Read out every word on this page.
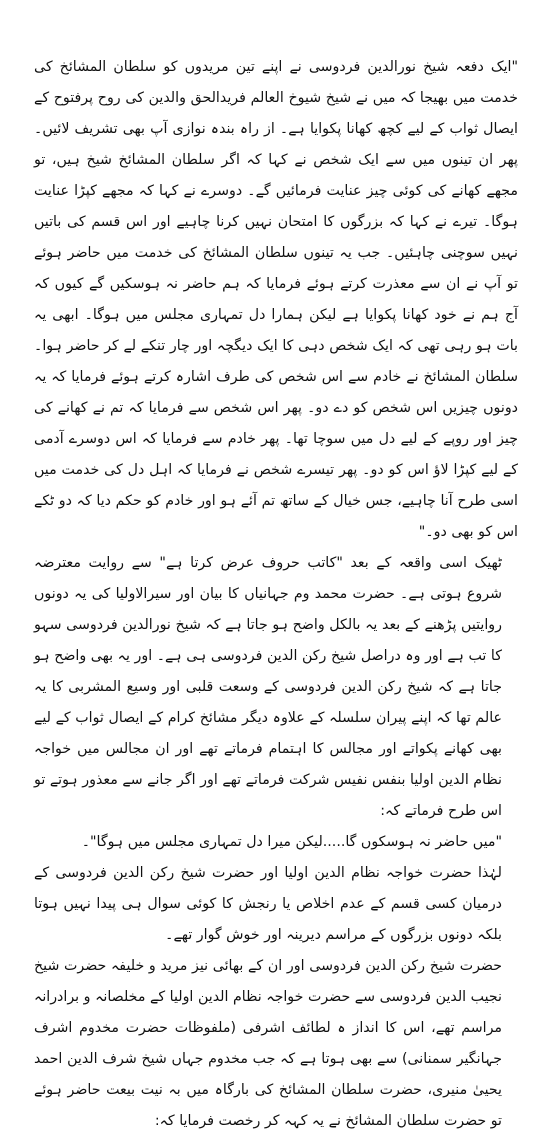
"ایک دفعہ شیخ نورالدین فردوسی نے اپنے تین مریدوں کو سلطان المشائخ کی خدمت میں بھیجا کہ میں نے شیخ شیوخ العالم فریدالحق والدین کی روح پرفتوح کے ایصال ثواب کے لیے کچھ کھانا پکوایا ہے۔ از راہ بندہ نوازی آپ بھی تشریف لائیں۔ پھر ان تینوں میں سے ایک شخص نے کہا کہ اگر سلطان المشائخ شیخ ہیں، تو مجھے کھانے کی کوئی چیز عنایت فرمائیں گے۔ دوسرے نے کہا کہ مجھے کپڑا عنایت ہوگا۔ تیرے نے کہا کہ بزرگوں کا امتحان نہیں کرنا چاہیے اور اس قسم کی باتیں نہیں سوچنی چاہئیں۔ جب یہ تینوں سلطان المشائخ کی خدمت میں حاضر ہوئے تو آپ نے ان سے معذرت کرتے ہوئے فرمایا کہ ہم حاضر نہ ہوسکیں گے کیوں کہ آج ہم نے خود کھانا پکوایا ہے لیکن ہمارا دل تمہاری مجلس میں ہوگا۔ ابھی یہ بات ہو رہی تھی کہ ایک شخص دہی کا ایک دیگچہ اور چار تنکے لے کر حاضر ہوا۔ سلطان المشائخ نے خادم سے اس شخص کی طرف اشارہ کرتے ہوئے فرمایا کہ یہ دونوں چیزیں اس شخص کو دے دو۔ پھر اس شخص سے فرمایا کہ تم نے کھانے کی چیز اور روپے کے لیے دل میں سوچا تھا۔ پھر خادم سے فرمایا کہ اس دوسرے آدمی کے لیے کپڑا لاؤ اس کو دو۔ پھر تیسرے شخص نے فرمایا کہ اہل دل کی خدمت میں اسی طرح آنا چاہیے، جس خیال کے ساتھ تم آئے ہو اور خادم کو حکم دیا کہ دو ٹکے اس کو بھی دو۔"

ٹھیک اسی واقعہ کے بعد "کاتب حروف عرض کرتا ہے" سے روایت معترضہ شروع ہوتی ہے۔ حضرت محمد وم جہانیاں کا بیان اور سیرالاولیا کی یہ دونوں روایتیں پڑھنے کے بعد یہ بالکل واضح ہو جاتا ہے کہ شیخ نورالدین فردوسی سہو کا تب ہے اور وہ دراصل شیخ رکن الدین فردوسی ہی ہے۔ اور یہ بھی واضح ہو جاتا ہے کہ شیخ رکن الدین فردوسی کے وسعت قلبی اور وسیع المشربی کا یہ عالم تھا کہ اپنے پیران سلسلہ کے علاوہ دیگر مشائخ کرام کے ایصال ثواب کے لیے بھی کھانے پکواتے اور مجالس کا اہتمام فرماتے تھے اور ان مجالس میں خواجہ نظام الدین اولیا بنفس نفیس شرکت فرماتے تھے اور اگر جانے سے معذور ہوتے تو اس طرح فرماتے کہ:

"میں حاضر نہ ہوسکوں گا.....لیکن میرا دل تمہاری مجلس میں ہوگا"۔

لہٰذا حضرت خواجہ نظام الدین اولیا اور حضرت شیخ رکن الدین فردوسی کے درمیان کسی قسم کے عدم اخلاص یا رنجش کا کوئی سوال ہی پیدا نہیں ہوتا بلکہ دونوں بزرگوں کے مراسم دیرینہ اور خوش گوار تھے۔

حضرت شیخ رکن الدین فردوسی اور ان کے بھائی نیز مرید و خلیفہ حضرت شیخ نجیب الدین فردوسی سے حضرت خواجہ نظام الدین اولیا کے مخلصانہ و برادرانہ مراسم تھے، اس کا انداز ہ لطائف اشرفی (ملفوظات حضرت مخدوم اشرف جہانگیر سمنانی) سے بھی ہوتا ہے کہ جب مخدوم جہاں شیخ شرف الدین احمد یحییٰ منیری، حضرت سلطان المشائخ کی بارگاہ میں بہ نیت بیعت حاضر ہوئے تو حضرت سلطان المشائخ نے یہ کہہ کر رخصت فرمایا کہ:
